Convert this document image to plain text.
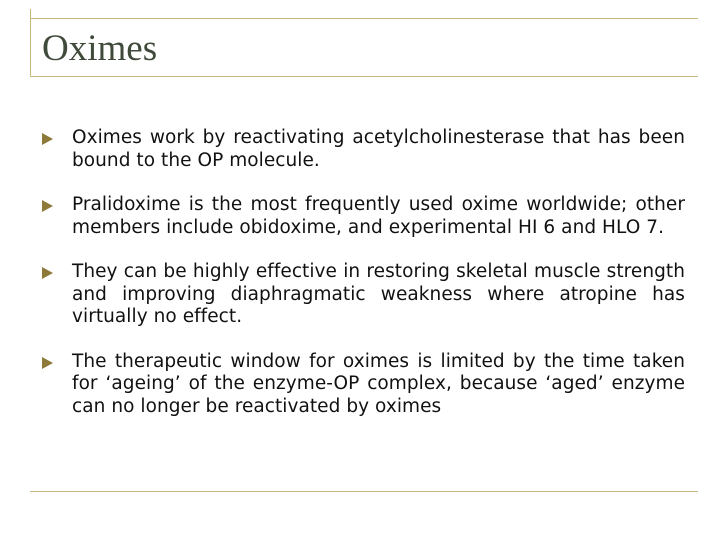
Oximes
Oximes work by reactivating acetylcholinesterase that has been bound to the OP molecule.
Pralidoxime is the most frequently used oxime worldwide; other members include obidoxime, and experimental HI 6 and HLO 7.
They can be highly effective in restoring skeletal muscle strength and improving diaphragmatic weakness where atropine has virtually no effect.
The therapeutic window for oximes is limited by the time taken for ‘ageing’ of the enzyme-OP complex, because ‘aged’ enzyme can no longer be reactivated by oximes
